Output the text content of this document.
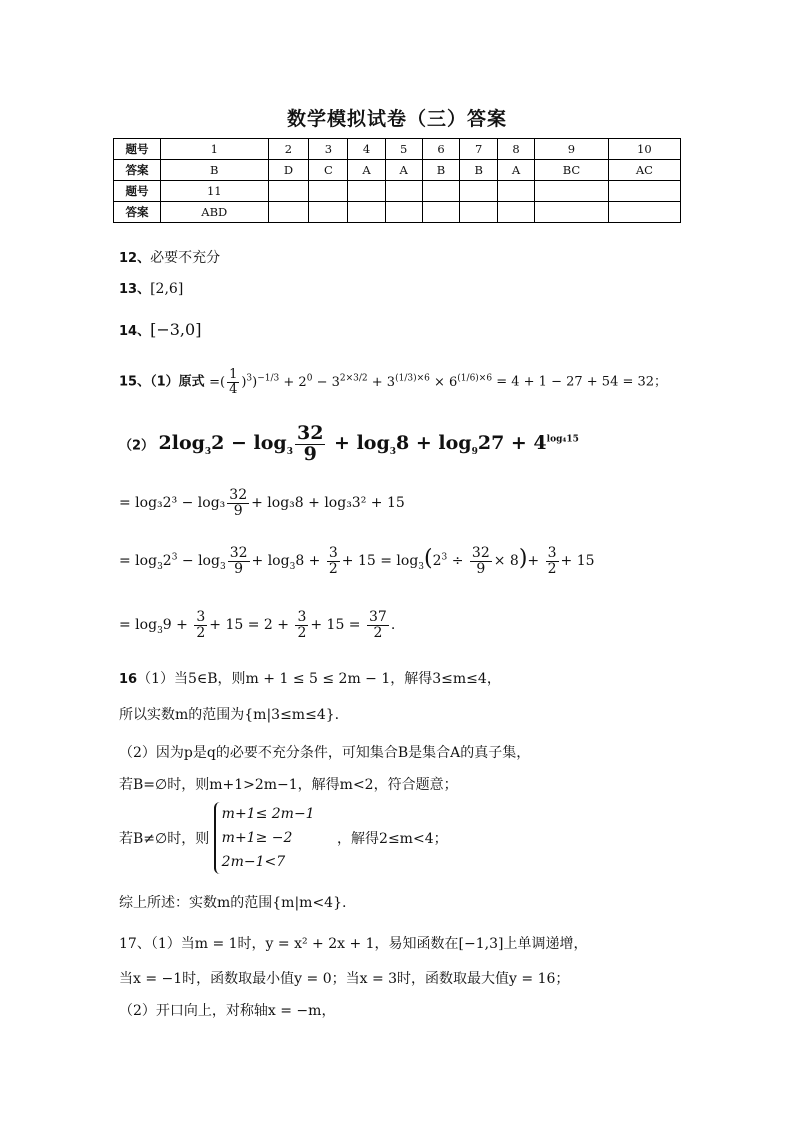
数学模拟试卷（三）答案
题号	1	2	3	4	5	6	7	8	9	10
答案	B	D	C	A	A	B	B	A	BC	AC
题号	11									
答案	ABD									
12、必要不充分
13、[2,6]
14、[−3,0]
15、（1）原式 =( $\frac{1}{4} )^3)^{-1/3} + 2^0 - 3^{2\times 3/2} + 3^{(1/3)\times 6} \times 6^{(1/6)\times 6} = 4 + 1 - 27 + 54 = 32$；
（2） $2\log_32 - \log_3 \frac{32}{9} + \log_38 + \log_927 + 4^{log_415}$
= $\log_32^3 - \log_3 \frac{32}{9} + \log_38 + \log_33^2 + 15$
= $\log_32^3 - \log_3 \frac{32}{9} + \log_38 + \frac{3}{2} + 15 = \log_3(2^3 \div \frac{32}{9} \times 8)+ \frac{3}{2} + 15$
= $\log_39 + \frac{3}{2} + 15 = 2 + \frac{3}{2} + 15 = \frac{37}{2}$ .
16（1）当5∈B，则m + 1 ≤ 5 ≤ 2m − 1，解得3≤m≤4，
所以实数m的范围为{m|3≤m≤4}.
（2）因为p是q的必要不充分条件，可知集合B是集合A的真子集，
若B=∅时，则m+1>2m−1，解得m<2，符合题意；
若B≠∅时，则
m+1≤ 2m−1
m+1≥ −2
2m−1<7
，解得2≤m<4；
综上所述：实数m的范围{m|m<4}.
17、（1）当m = 1时，y = x² + 2x + 1，易知函数在[−1,3]上单调递增，
当x = −1时，函数取最小值y = 0；当x = 3时，函数取最大值y = 16；
（2）开口向上，对称轴x = −m，
